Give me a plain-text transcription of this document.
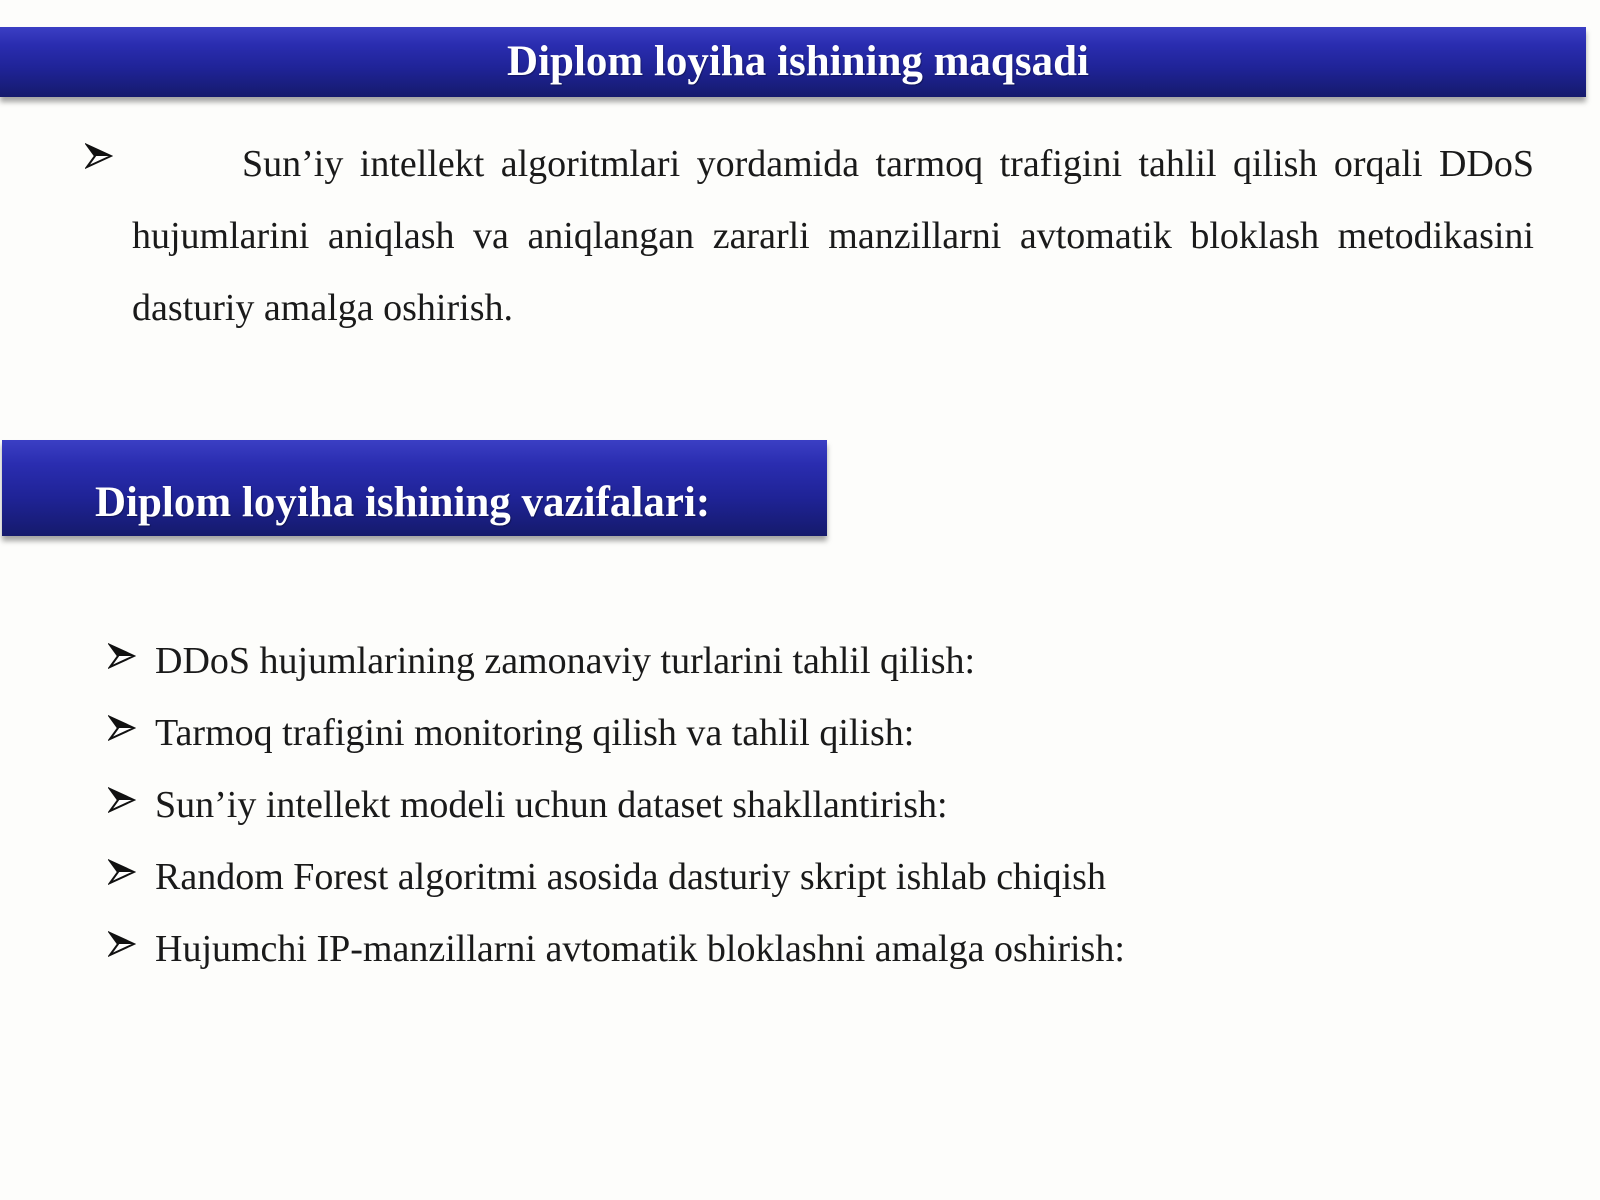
Diplom loyiha ishining maqsadi

Sun’iy intellekt algoritmlari yordamida tarmoq trafigini tahlil qilish orqali DDoS hujumlarini aniqlash va aniqlangan zararli manzillarni avtomatik bloklash metodikasini dasturiy amalga oshirish.

Diplom loyiha ishining vazifalari:
DDoS hujumlarining zamonaviy turlarini tahlil qilish:
Tarmoq trafigini monitoring qilish va tahlil qilish:
Sun’iy intellekt modeli uchun dataset shakllantirish:
Random Forest algoritmi asosida dasturiy skript ishlab chiqish
Hujumchi IP-manzillarni avtomatik bloklashni amalga oshirish:
